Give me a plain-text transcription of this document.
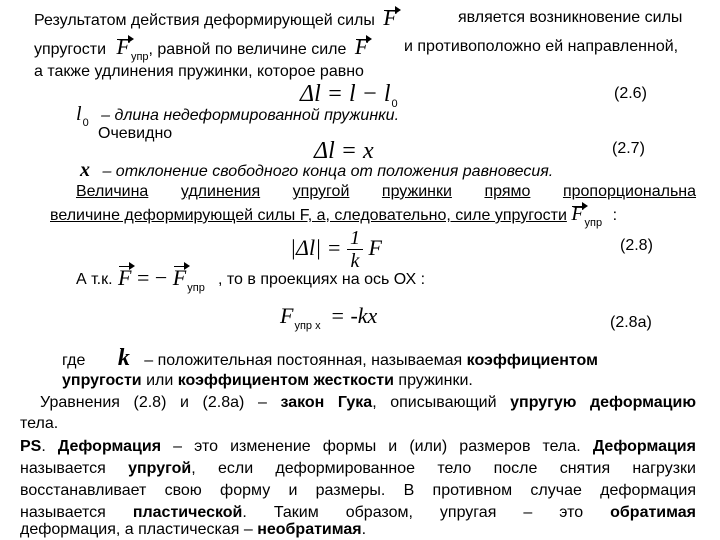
Результатом действия деформирующей силы F	является возникновение силы
упругости $F_{упр}$, равной по величине силе F и противоположно ей направленной,
а также удлинения пружинки, которое равно
$\Delta l = l - l_0$
(2.6)
$l_0$ – длина недеформированной пружинки.
Очевидно
Δl = x	(2.7)
x – отклонение свободного конца от положения равновесия.
Величина удлинения упругой пружинки прямо пропорциональна
величине деформирующей силы F, а, следовательно, силе упругости $F_{упр}$ :
$|\Delta l| = \frac{1}{k}$ F	(2.8)
А т.к. F = − $F_{упр}$ , то в проекциях на ось ОХ :
$F_{упр х} = -kx$	(2.8а)
где k – положительная постоянная, называемая коэффициентом
упругости или коэффициентом жесткости пружинки.
Уравнения (2.8) и (2.8а) – закон Гука, описывающий упругую деформацию
тела.
PS. Деформация – это изменение формы и (или) размеров тела. Деформация
называется упругой, если деформированное тело после снятия нагрузки
восстанавливает свою форму и размеры. В противном случае деформация
называется пластической. Таким образом, упругая – это обратимая
деформация, а пластическая – необратимая.
